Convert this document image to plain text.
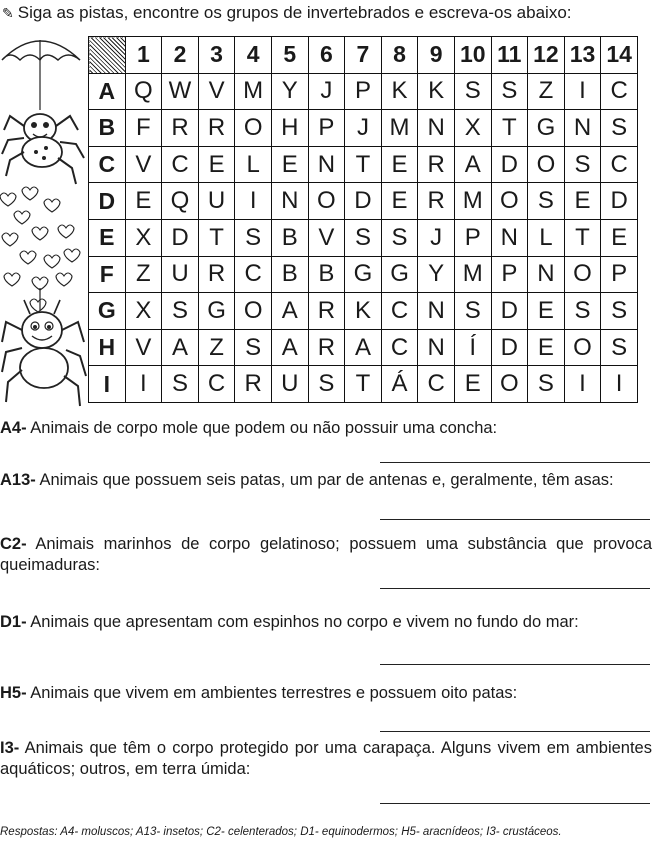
✎ Siga as pistas, encontre os grupos de invertebrados e escreva-os abaixo:
	1	2	3	4	5	6	7	8	9	10	11	12	13	14
A	Q	W	V	M	Y	J	P	K	K	S	S	Z	I	C
B	F	R	R	O	H	P	J	M	N	X	T	G	N	S
C	V	C	E	L	E	N	T	E	R	A	D	O	S	C
D	E	Q	U	I	N	O	D	E	R	M	O	S	E	D
E	X	D	T	S	B	V	S	S	J	P	N	L	T	E
F	Z	U	R	C	B	B	G	G	Y	M	P	N	O	P
G	X	S	G	O	A	R	K	C	N	S	D	E	S	S
H	V	A	Z	S	A	R	A	C	N	Í	D	E	O	S
I	I	S	C	R	U	S	T	Á	C	E	O	S	I	I
A4- Animais de corpo mole que podem ou não possuir uma concha:
A13- Animais que possuem seis patas, um par de antenas e, geralmente, têm asas:
C2- Animais marinhos de corpo gelatinoso; possuem uma substância que provoca queimaduras:
D1- Animais que apresentam com espinhos no corpo e vivem no fundo do mar:
H5- Animais que vivem em ambientes terrestres e possuem oito patas:
I3- Animais que têm o corpo protegido por uma carapaça. Alguns vivem em ambientes aquáticos; outros, em terra úmida:
Respostas: A4- moluscos; A13- insetos; C2- celenterados; D1- equinodermos; H5- aracnídeos; I3- crustáceos.
